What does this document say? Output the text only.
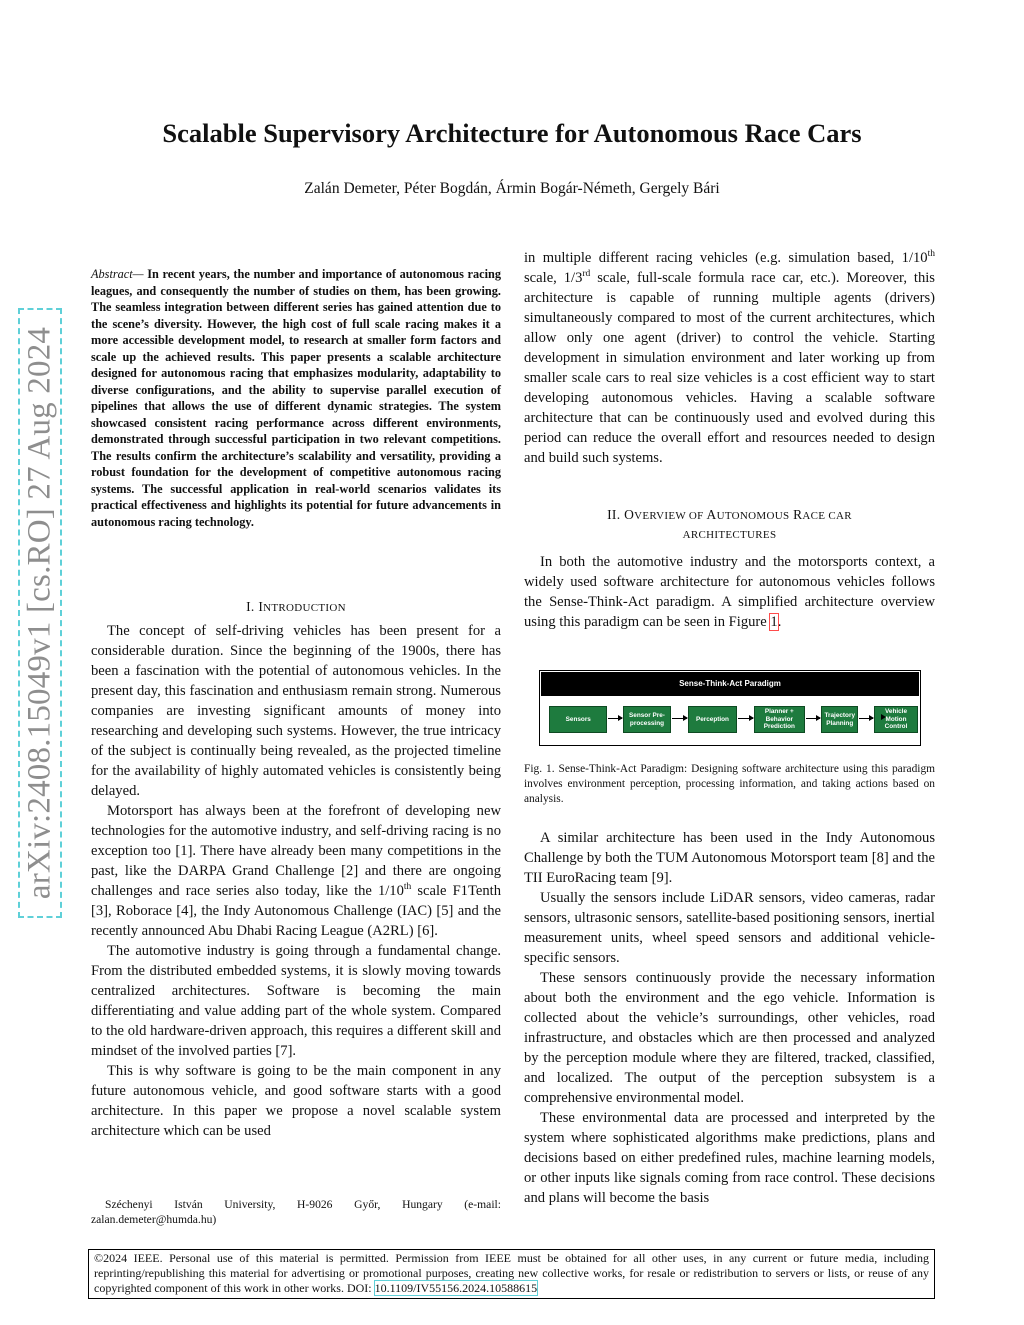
arXiv:2408.15049v1 [cs.RO] 27 Aug 2024
Scalable Supervisory Architecture for Autonomous Race Cars
Zalán Demeter, Péter Bogdán, Ármin Bogár-Németh, Gergely Bári
Abstract— In recent years, the number and importance of autonomous racing leagues, and consequently the number of studies on them, has been growing. The seamless integration between different series has gained attention due to the scene’s diversity. However, the high cost of full scale racing makes it a more accessible development model, to research at smaller form factors and scale up the achieved results. This paper presents a scalable architecture designed for autonomous racing that emphasizes modularity, adaptability to diverse configurations, and the ability to supervise parallel execution of pipelines that allows the use of different dynamic strategies. The system showcased consistent racing performance across different environments, demonstrated through successful participation in two relevant competitions. The results confirm the architecture’s scalability and versatility, providing a robust foundation for the development of competitive autonomous racing systems. The successful application in real-world scenarios validates its practical effectiveness and highlights its potential for future advancements in autonomous racing technology.
I. INTRODUCTION

The concept of self-driving vehicles has been present for a considerable duration. Since the beginning of the 1900s, there has been a fascination with the potential of autonomous vehicles. In the present day, this fascination and enthusiasm remain strong. Numerous companies are investing significant amounts of money into researching and developing such systems. However, the true intricacy of the subject is continually being revealed, as the projected timeline for the availability of highly automated vehicles is consistently being delayed.

Motorsport has always been at the forefront of developing new technologies for the automotive industry, and self-driving racing is no exception too [1]. There have already been many competitions in the past, like the DARPA Grand Challenge [2] and there are ongoing challenges and race series also today, like the 1/10th scale F1Tenth [3], Roborace [4], the Indy Autonomous Challenge (IAC) [5] and the recently announced Abu Dhabi Racing League (A2RL) [6].

The automotive industry is going through a fundamental change. From the distributed embedded systems, it is slowly moving towards centralized architectures. Software is becoming the main differentiating and value adding part of the whole system. Compared to the old hardware-driven approach, this requires a different skill and mindset of the involved parties [7].

This is why software is going to be the main component in any future autonomous vehicle, and good software starts with a good architecture. In this paper we propose a novel scalable system architecture which can be used

Széchenyi István University, H-9026 Győr, Hungary (e-mail: zalan.demeter@humda.hu)

in multiple different racing vehicles (e.g. simulation based, 1/10th scale, 1/3rd scale, full-scale formula race car, etc.). Moreover, this architecture is capable of running multiple agents (drivers) simultaneously compared to most of the current architectures, which allow only one agent (driver) to control the vehicle. Starting development in simulation environment and later working up from smaller scale cars to real size vehicles is a cost efficient way to start developing autonomous vehicles. Having a scalable software architecture that can be continuously used and evolved during this period can reduce the overall effort and resources needed to design and build such systems.

II. OVERVIEW OF AUTONOMOUS RACE CAR
ARCHITECTURES

In both the automotive industry and the motorsports context, a widely used software architecture for autonomous vehicles follows the Sense-Think-Act paradigm. A simplified architecture overview using this paradigm can be seen in Figure 1.

Sense-Think-Act Paradigm
Sensors
Sensor Pre-processing
Perception
Planner + Behavior Prediction
Trajectory Planning
Vehicle Motion Control
Fig. 1. Sense-Think-Act Paradigm: Designing software architecture using this paradigm involves environment perception, processing information, and taking actions based on analysis.

A similar architecture has been used in the Indy Autonomous Challenge by both the TUM Autonomous Motorsport team [8] and the TII EuroRacing team [9].

Usually the sensors include LiDAR sensors, video cameras, radar sensors, ultrasonic sensors, satellite-based positioning sensors, inertial measurement units, wheel speed sensors and additional vehicle-specific sensors.

These sensors continuously provide the necessary information about both the environment and the ego vehicle. Information is collected about the vehicle’s surroundings, other vehicles, road infrastructure, and obstacles which are then processed and analyzed by the perception module where they are filtered, tracked, classified, and localized. The output of the perception subsystem is a comprehensive environmental model.

These environmental data are processed and interpreted by the system where sophisticated algorithms make predictions, plans and decisions based on either predefined rules, machine learning models, or other inputs like signals coming from race control. These decisions and plans will become the basis

©2024 IEEE. Personal use of this material is permitted. Permission from IEEE must be obtained for all other uses, in any current or future media, including reprinting/republishing this material for advertising or promotional purposes, creating new collective works, for resale or redistribution to servers or lists, or reuse of any copyrighted component of this work in other works. DOI: 10.1109/IV55156.2024.10588615
